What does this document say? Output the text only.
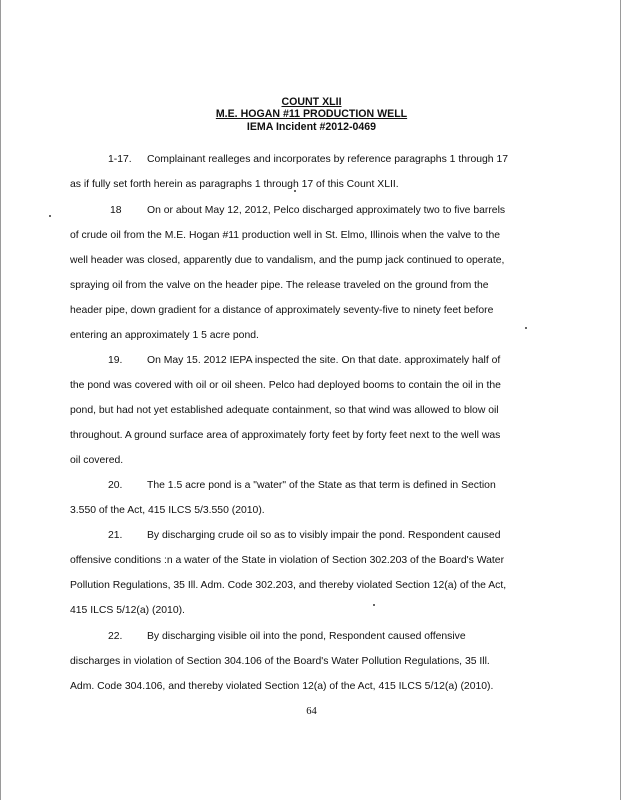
COUNT XLII
M.E. HOGAN #11 PRODUCTION WELL
IEMA Incident #2012-0469
1-17. Complainant realleges and incorporates by reference paragraphs 1 through 17
as if fully set forth herein as paragraphs 1 through 17 of this Count XLII.
18 On or about May 12, 2012, Pelco discharged approximately two to five barrels
of crude oil from the M.E. Hogan #11 production well in St. Elmo, Illinois when the valve to the
well header was closed, apparently due to vandalism, and the pump jack continued to operate,
spraying oil from the valve on the header pipe. The release traveled on the ground from the
header pipe, down gradient for a distance of approximately seventy-five to ninety feet before
entering an approximately 1 5 acre pond.
19. On May 15. 2012 IEPA inspected the site. On that date. approximately half of
the pond was covered with oil or oil sheen. Pelco had deployed booms to contain the oil in the
pond, but had not yet established adequate containment, so that wind was allowed to blow oil
throughout. A ground surface area of approximately forty feet by forty feet next to the well was
oil covered.
20. The 1.5 acre pond is a "water" of the State as that term is defined in Section
3.550 of the Act, 415 ILCS 5/3.550 (2010).
21. By discharging crude oil so as to visibly impair the pond. Respondent caused
offensive conditions :n a water of the State in violation of Section 302.203 of the Board's Water
Pollution Regulations, 35 Ill. Adm. Code 302.203, and thereby violated Section 12(a) of the Act,
415 ILCS 5/12(a) (2010).
22. By discharging visible oil into the pond, Respondent caused offensive
discharges in violation of Section 304.106 of the Board's Water Pollution Regulations, 35 Ill.
Adm. Code 304.106, and thereby violated Section 12(a) of the Act, 415 ILCS 5/12(a) (2010).
64
